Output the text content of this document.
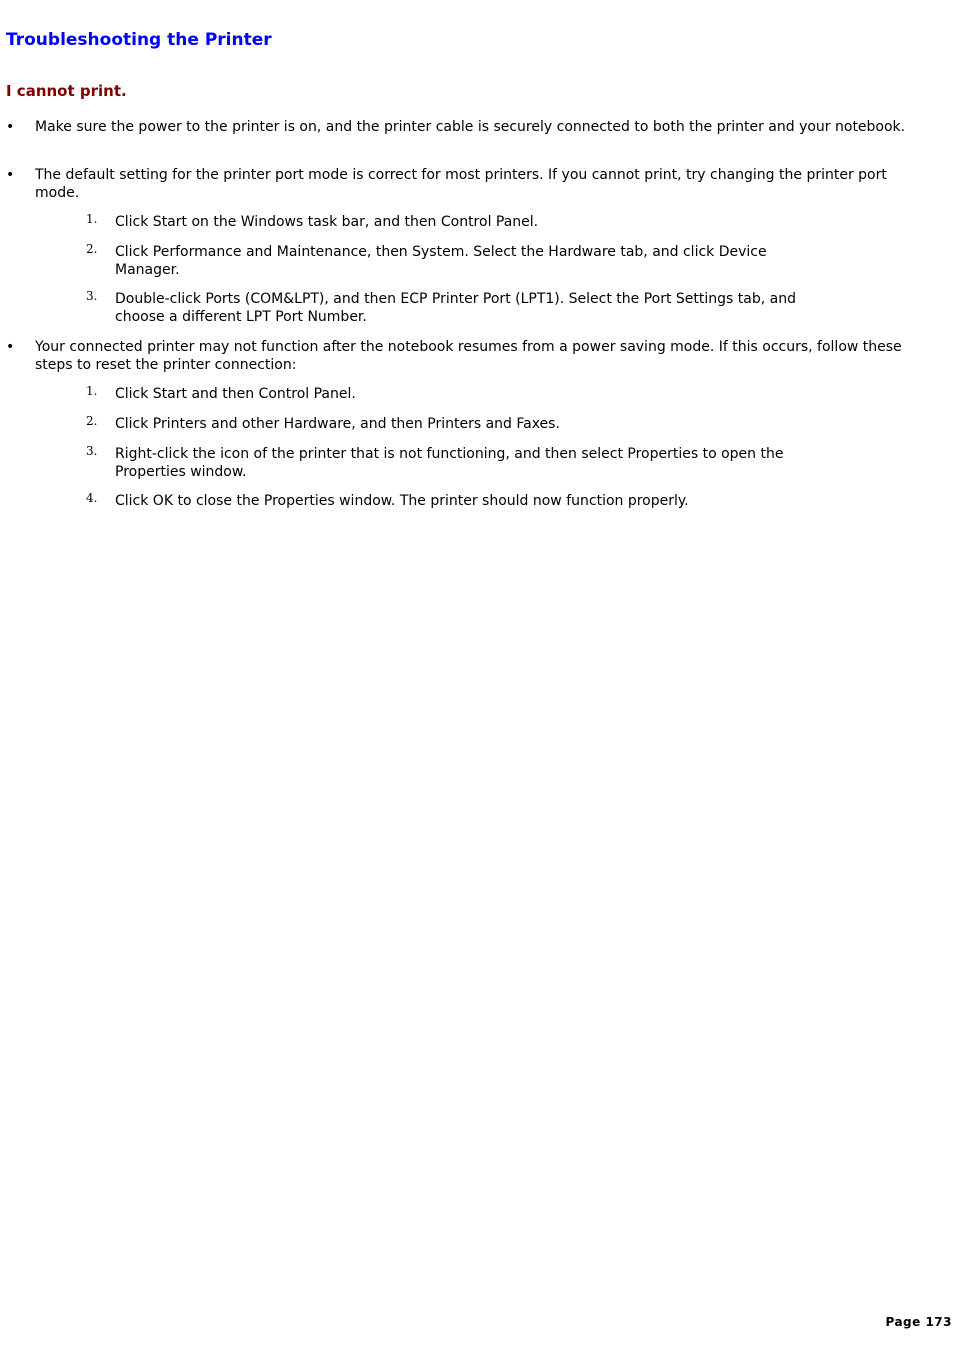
Troubleshooting the Printer
I cannot print.
• Make sure the power to the printer is on, and the printer cable is securely connected to both the printer and your notebook.
• The default setting for the printer port mode is correct for most printers. If you cannot print, try changing the printer port mode.
1. Click Start on the Windows task bar, and then Control Panel.
2. Click Performance and Maintenance, then System. Select the Hardware tab, and click Device Manager.
3. Double-click Ports (COM&LPT), and then ECP Printer Port (LPT1). Select the Port Settings tab, and choose a different LPT Port Number.
• Your connected printer may not function after the notebook resumes from a power saving mode. If this occurs, follow these steps to reset the printer connection:
1. Click Start and then Control Panel.
2. Click Printers and other Hardware, and then Printers and Faxes.
3. Right-click the icon of the printer that is not functioning, and then select Properties to open the Properties window.
4. Click OK to close the Properties window. The printer should now function properly.
Page 173
